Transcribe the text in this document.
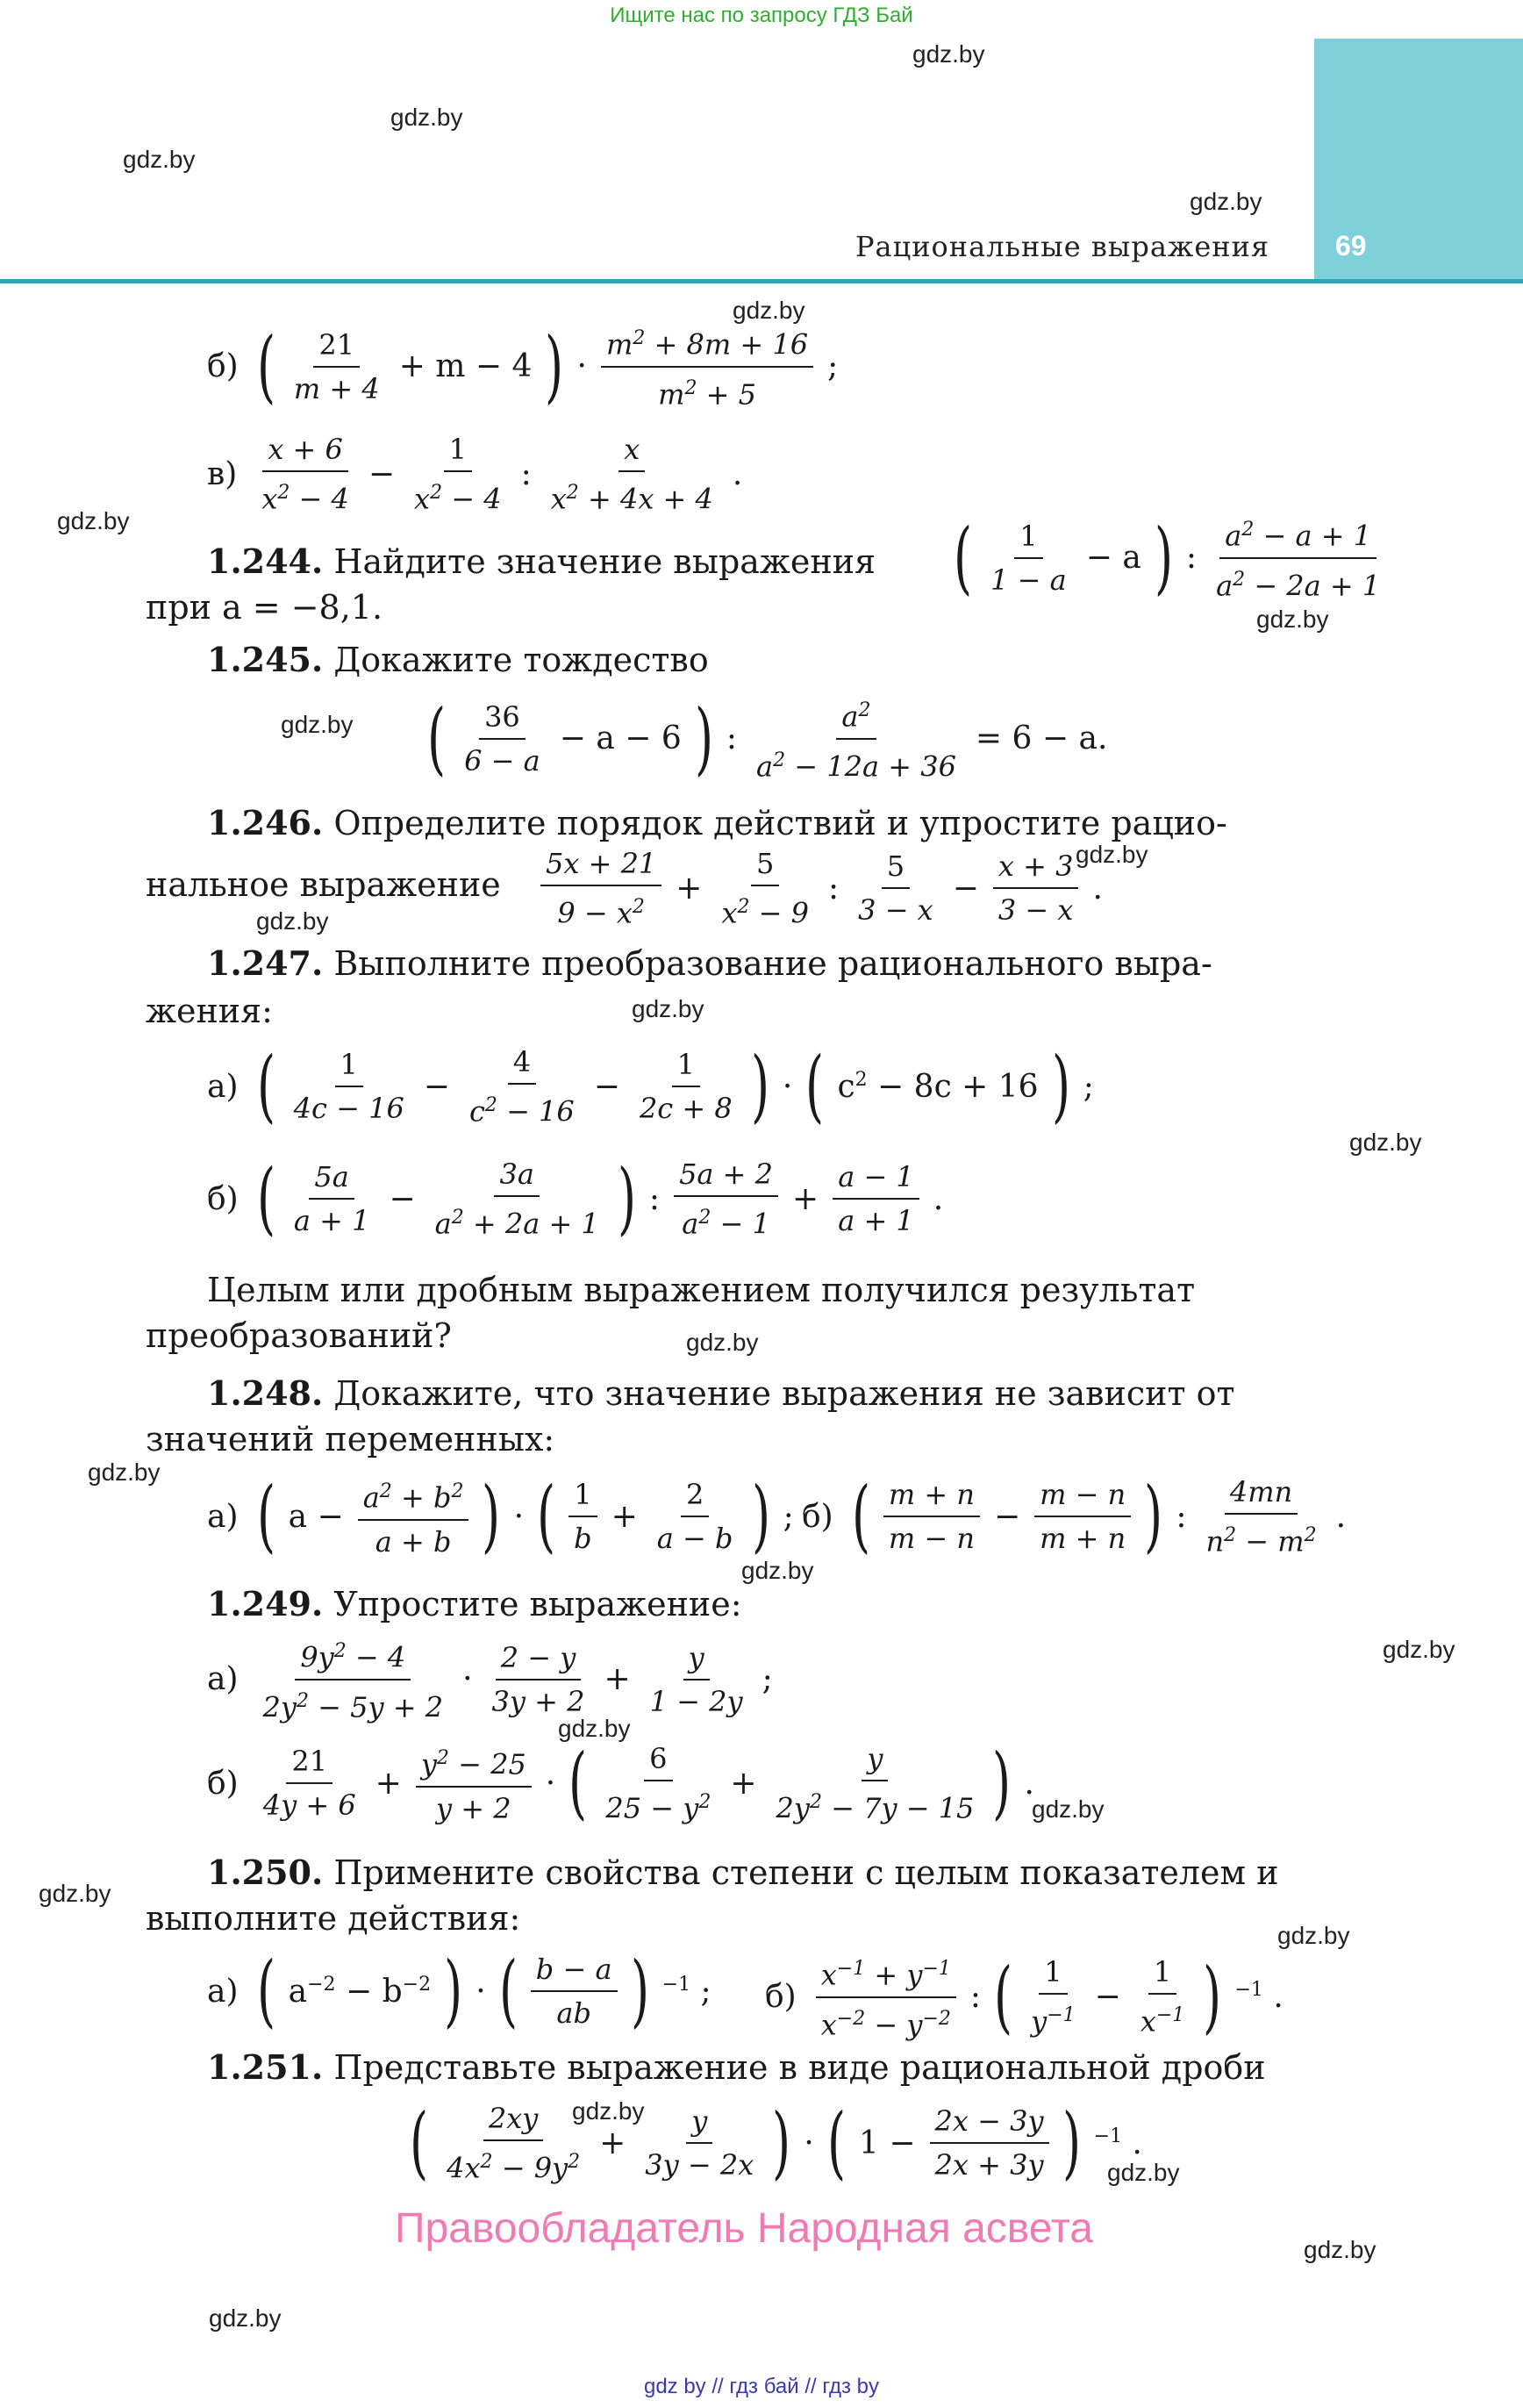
Ищите нас по запросу ГДЗ Бай
69
Рациональные выражения
gdz.by
gdz.by
gdz.by
gdz.by
gdz.by
gdz.by
gdz.by
gdz.by
gdz.by
gdz.by
gdz.by
gdz.by
gdz.by
gdz.by
gdz.by
gdz.by
gdz.by
gdz.by
gdz.by
gdz.by
gdz.by
gdz.by
gdz.by
gdz.by
б) ( $\frac{21}{m + 4} + m - 4$ ) · $\frac{m^2 + 8m + 16}{m^2 + 5}$ ;
$в) \frac{x + 6}{x^2 - 4} - \frac{1}{x^2 - 4}$ : $\frac{x}{x^2 + 4x + 4}$ .
1.244. Найдите значение выражения ( $\frac{1}{1 - a} - a$ ) : $\frac{a^2 - a + 1}{a^2 - 2a + 1}$
при a = −8,1.
1.245. Докажите тождество
( $\frac{36}{6 - a} - a - 6$ ) : $\frac{a^2}{a^2 - 12a + 36} = 6 - a$.
1.246. Определите порядок действий и упростите рацио-
нальное выражение $\frac{5x + 21}{9 - x^2} + \frac{5}{x^2 - 9}$ : $\frac{5}{3 - x} - \frac{x + 3}{3 - x}$ .
1.247. Выполните преобразование рационального выра-
жения:
а) ( $\frac{1}{4c - 16} - \frac{4}{c^2 - 16} - \frac{1}{2c + 8}$ ) · ( $c^2 - 8c + 16$ ) ;
б) ( $\frac{5a}{a + 1} - \frac{3a}{a^2 + 2a + 1}$ ) : $\frac{5a + 2}{a^2 - 1} + \frac{a - 1}{a + 1}$ .
Целым или дробным выражением получился результат
преобразований?
1.248. Докажите, что значение выражения не зависит от
значений переменных:
а) ( $a - \frac{a^2 + b^2}{a + b}$ ) · ( $\frac{1}{b} + \frac{2}{a - b}$ ) ; б) ( $\frac{m + n}{m - n} - \frac{m - n}{m + n}$ ) : $\frac{4mn}{n^2 - m^2}$ .
1.249. Упростите выражение:
$а) \frac{9y^2 - 4}{2y^2 - 5y + 2} \cdot \frac{2 - y}{3y + 2} + \frac{y}{1 - 2y}$ ;
$б) \frac{21}{4y + 6} + \frac{y^2 - 25}{y + 2}$ · ( $\frac{6}{25 - y^2} + \frac{y}{2y^2 - 7y - 15}$ ) .
1.250. Примените свойства степени с целым показателем и
выполните действия:
а) ( $a^{-2} - b^{-2}$ ) · ( $\frac{b - a}{ab}$ ) $^{-1}$ ; $б) \frac{x^{-1} + y^{-1}}{x^{-2} - y^{-2}}$ : ( $\frac{1}{y^{-1}} - \frac{1}{x^{-1}}$ ) $^{-1}$ .
1.251. Представьте выражение в виде рациональной дроби
( $\frac{2xy}{4x^2 - 9y^2} + \frac{y}{3y - 2x}$ ) · ( $1 - \frac{2x - 3y}{2x + 3y}$ ) $^{-1}$ .
Правообладатель Народная асвета
gdz by // гдз бай // гдз by
